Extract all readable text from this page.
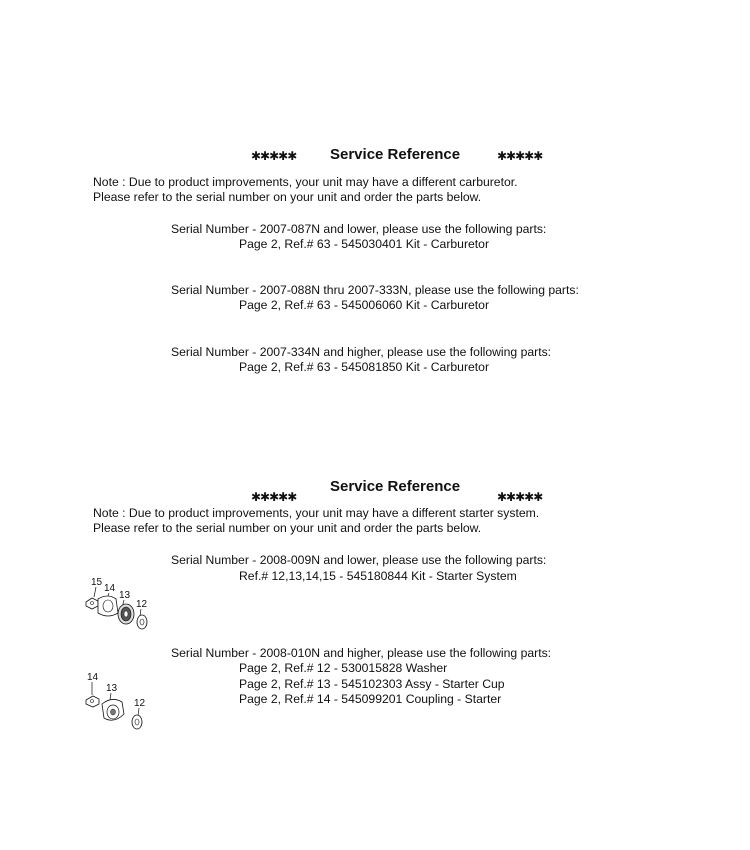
✱✱✱✱✱ Service Reference	✱✱✱✱✱
Note : Due to product improvements, your unit may have a different carburetor.
Please refer to the serial number on your unit and order the parts below.
Serial Number - 2007-087N and lower, please use the following parts:
Page 2, Ref.# 63 - 545030401 Kit - Carburetor
Serial Number - 2007-088N thru 2007-333N, please use the following parts:
Page 2, Ref.# 63 - 545006060 Kit - Carburetor
Serial Number - 2007-334N and higher, please use the following parts:
Page 2, Ref.# 63 - 545081850 Kit - Carburetor
✱✱✱✱✱
Service Reference
✱✱✱✱✱
Note : Due to product improvements, your unit may have a different starter system.
Please refer to the serial number on your unit and order the parts below.
Serial Number - 2008-009N and lower, please use the following parts:
Ref.# 12,13,14,15 - 545180844 Kit - Starter System
15
14
13
12
Serial Number - 2008-010N and higher, please use the following parts:
Page 2, Ref.# 12 - 530015828 Washer
Page 2, Ref.# 13 - 545102303 Assy - Starter Cup
Page 2, Ref.# 14 - 545099201 Coupling - Starter
14
13
12
